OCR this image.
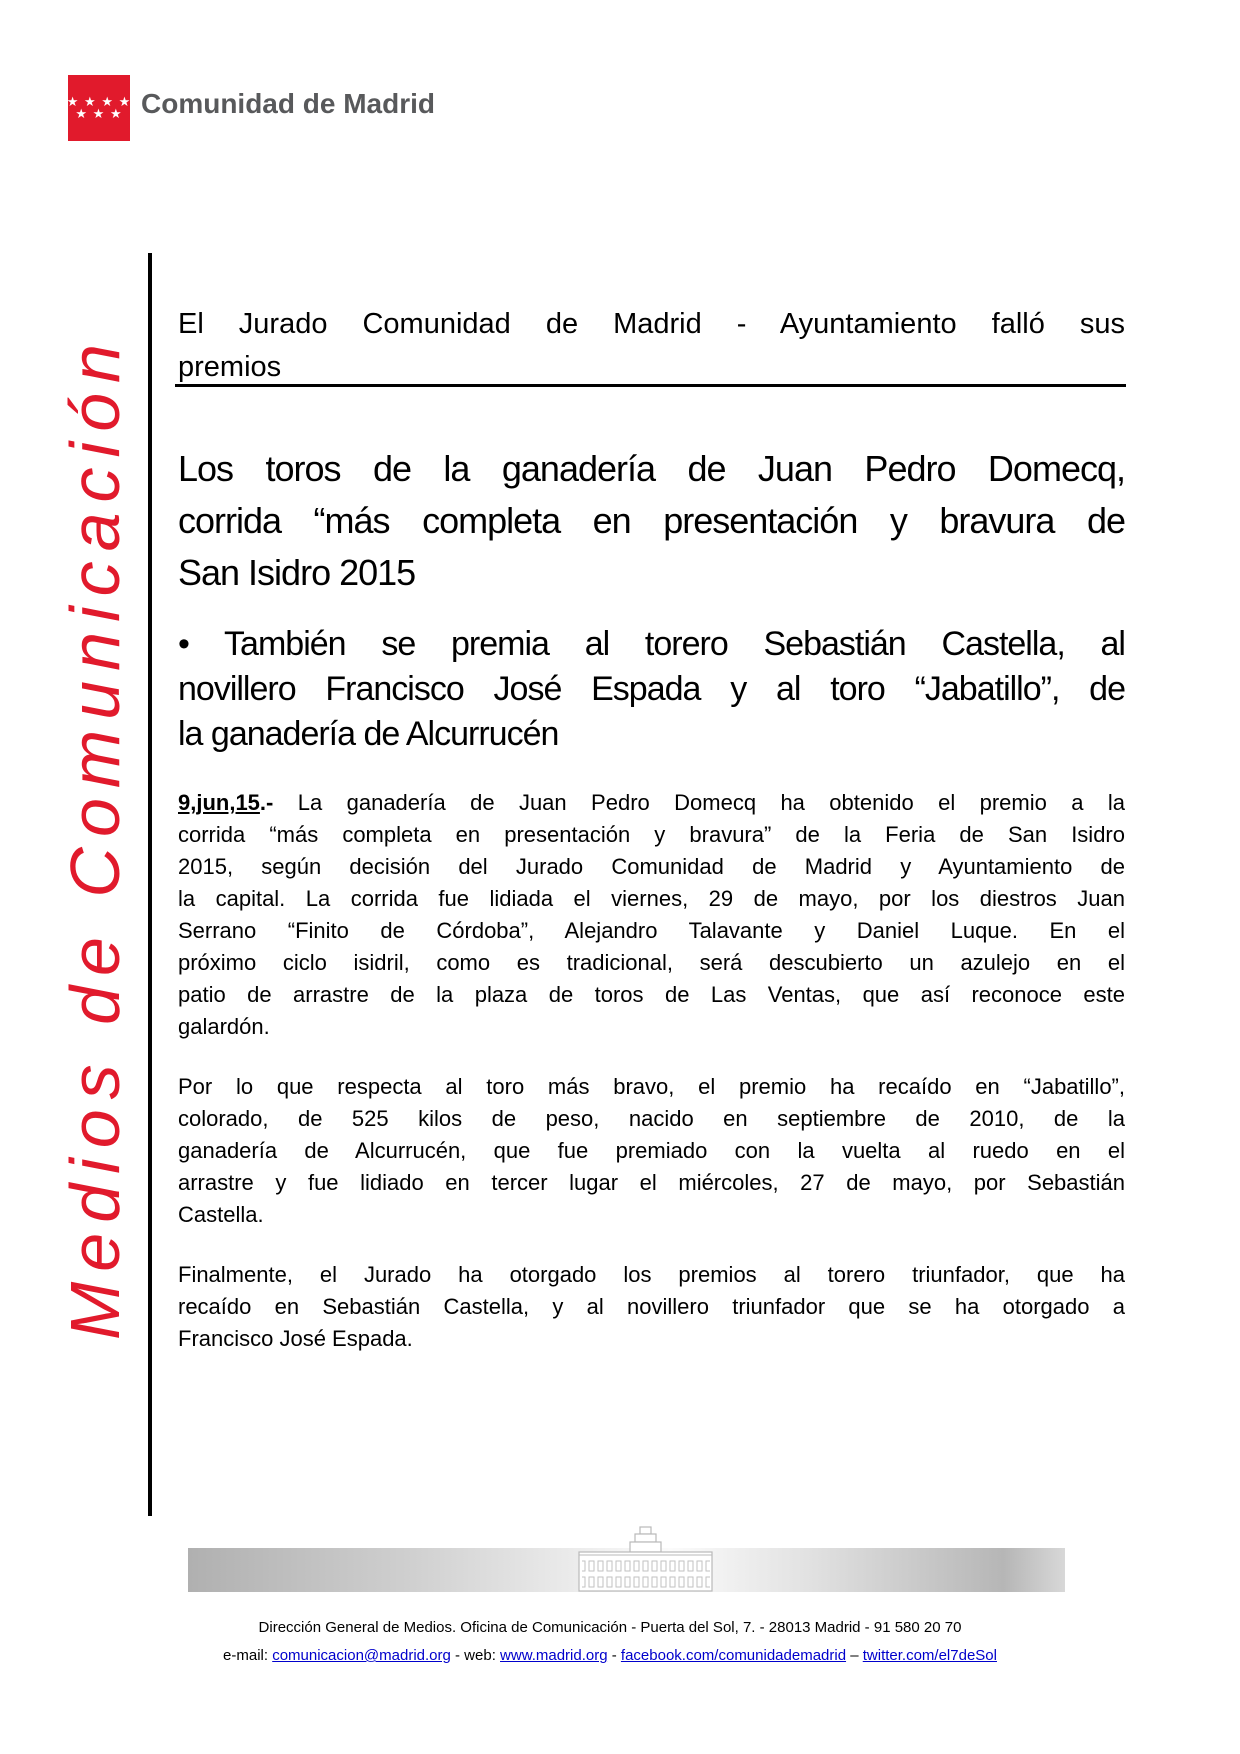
★ ★ ★ ★
★ ★ ★ Comunidad de Madrid
Medios de Comunicación
El Jurado Comunidad de Madrid - Ayuntamiento falló sus
premios
Los toros de la ganadería de Juan Pedro Domecq,
corrida “más completa en presentación y bravura de
San Isidro 2015
• También se premia al torero Sebastián Castella, al
novillero Francisco José Espada y al toro “Jabatillo”, de
la ganadería de Alcurrucén
9,jun,15.- La ganadería de Juan Pedro Domecq ha obtenido el premio a la
corrida “más completa en presentación y bravura” de la Feria de San Isidro
2015, según decisión del Jurado Comunidad de Madrid y Ayuntamiento de
la capital. La corrida fue lidiada el viernes, 29 de mayo, por los diestros Juan
Serrano “Finito de Córdoba”, Alejandro Talavante y Daniel Luque. En el
próximo ciclo isidril, como es tradicional, será descubierto un azulejo en el
patio de arrastre de la plaza de toros de Las Ventas, que así reconoce este
galardón.
Por lo que respecta al toro más bravo, el premio ha recaído en “Jabatillo”,
colorado, de 525 kilos de peso, nacido en septiembre de 2010, de la
ganadería de Alcurrucén, que fue premiado con la vuelta al ruedo en el
arrastre y fue lidiado en tercer lugar el miércoles, 27 de mayo, por Sebastián
Castella.
Finalmente, el Jurado ha otorgado los premios al torero triunfador, que ha
recaído en Sebastián Castella, y al novillero triunfador que se ha otorgado a
Francisco José Espada.
Dirección General de Medios. Oficina de Comunicación - Puerta del Sol, 7. - 28013 Madrid - 91 580 20 70
e-mail: comunicacion@madrid.org - web: www.madrid.org - facebook.com/comunidademadrid – twitter.com/el7deSol
